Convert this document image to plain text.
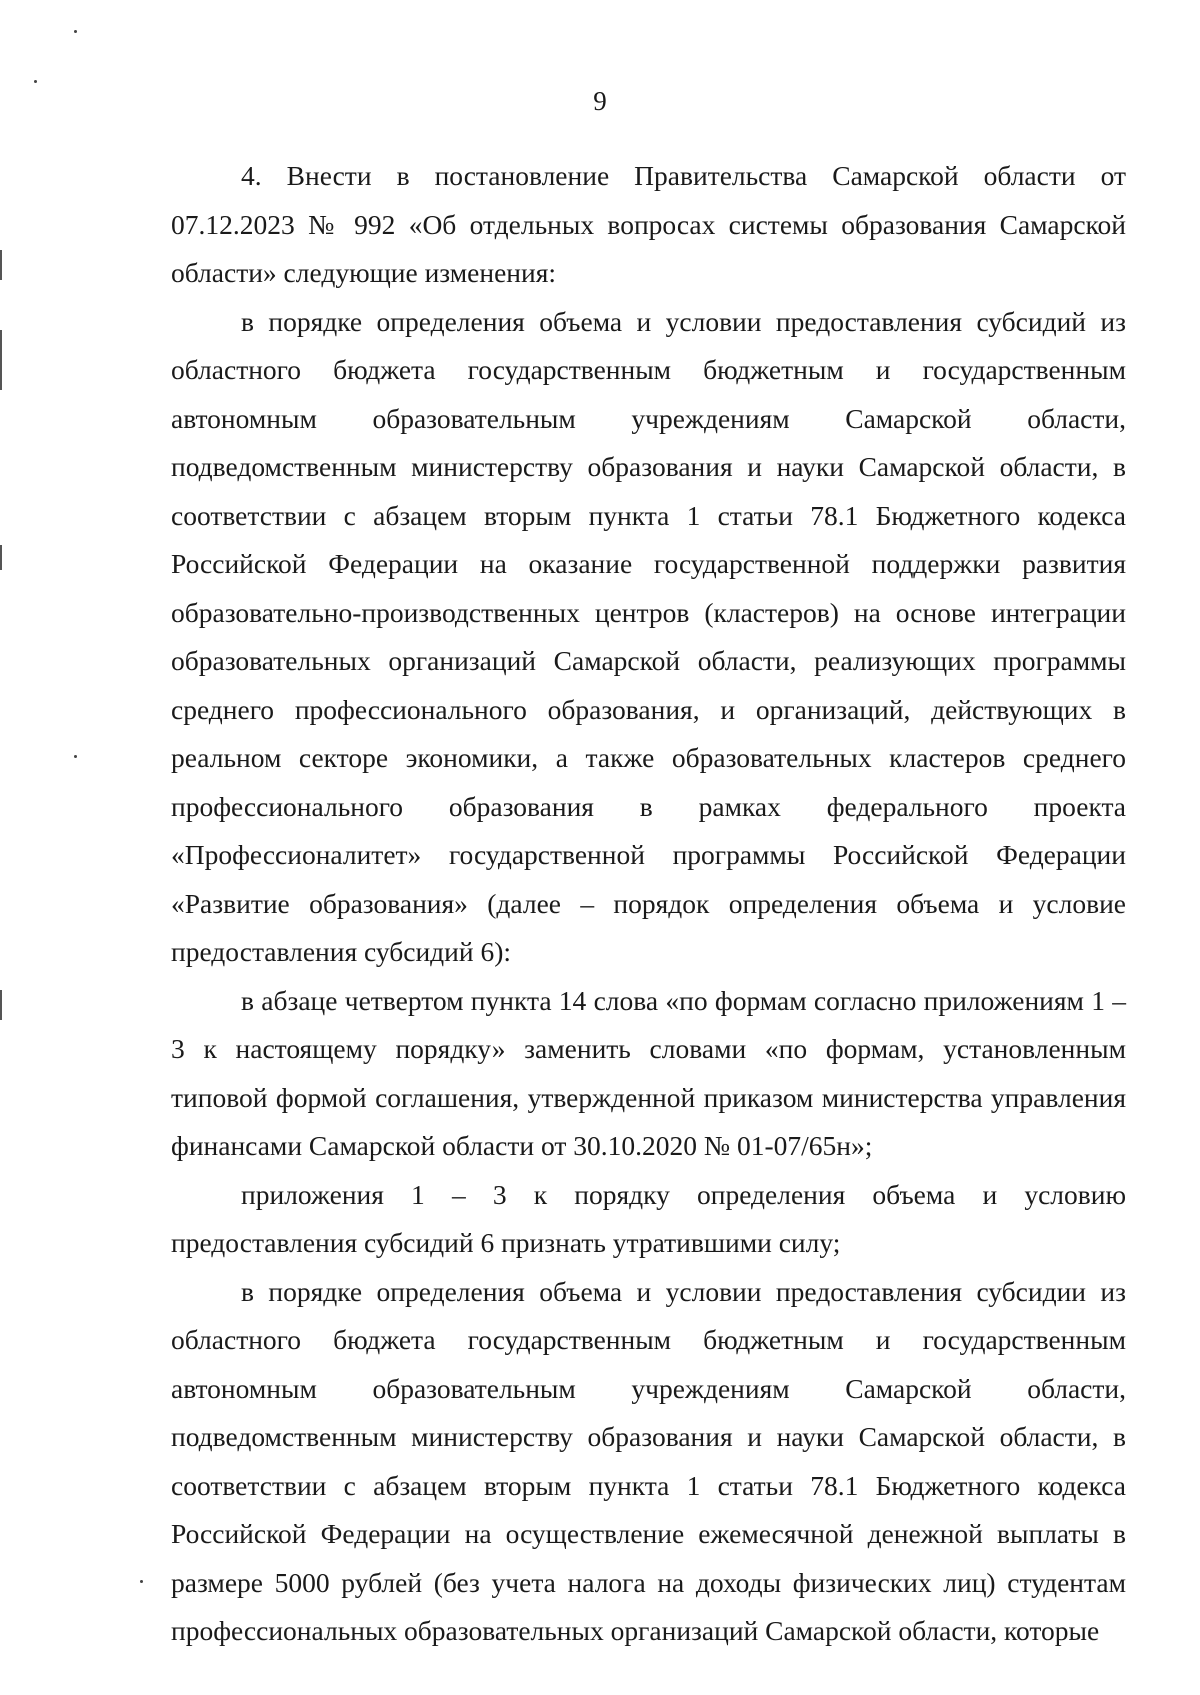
9

4. Внести в постановление Правительства Самарской области от 07.12.2023 № 992 «Об отдельных вопросах системы образования Самарской области» следующие изменения:

в порядке определения объема и условии предоставления субсидий из областного бюджета государственным бюджетным и государственным автономным образовательным учреждениям Самарской области, подведомственным министерству образования и науки Самарской области, в соответствии с абзацем вторым пункта 1 статьи 78.1 Бюджетного кодекса Российской Федерации на оказание государственной поддержки развития образовательно-производственных центров (кластеров) на основе интеграции образовательных организаций Самарской области, реализующих программы среднего профессионального образования, и организаций, действующих в реальном секторе экономики, а также образовательных кластеров среднего профессионального образования в рамках федерального проекта «Профессионалитет» государственной программы Российской Федерации «Развитие образования» (далее – порядок определения объема и условие предоставления субсидий 6):

в абзаце четвертом пункта 14 слова «по формам согласно приложениям 1 – 3 к настоящему порядку» заменить словами «по формам, установленным типовой формой соглашения, утвержденной приказом министерства управления финансами Самарской области от 30.10.2020 № 01-07/65н»;

приложения 1 – 3 к порядку определения объема и условию предоставления субсидий 6 признать утратившими силу;

в порядке определения объема и условии предоставления субсидии из областного бюджета государственным бюджетным и государственным автономным образовательным учреждениям Самарской области, подведомственным министерству образования и науки Самарской области, в соответствии с абзацем вторым пункта 1 статьи 78.1 Бюджетного кодекса Российской Федерации на осуществление ежемесячной денежной выплаты в размере 5000 рублей (без учета налога на доходы физических лиц) студентам профессиональных образовательных организаций Самарской области, которые
